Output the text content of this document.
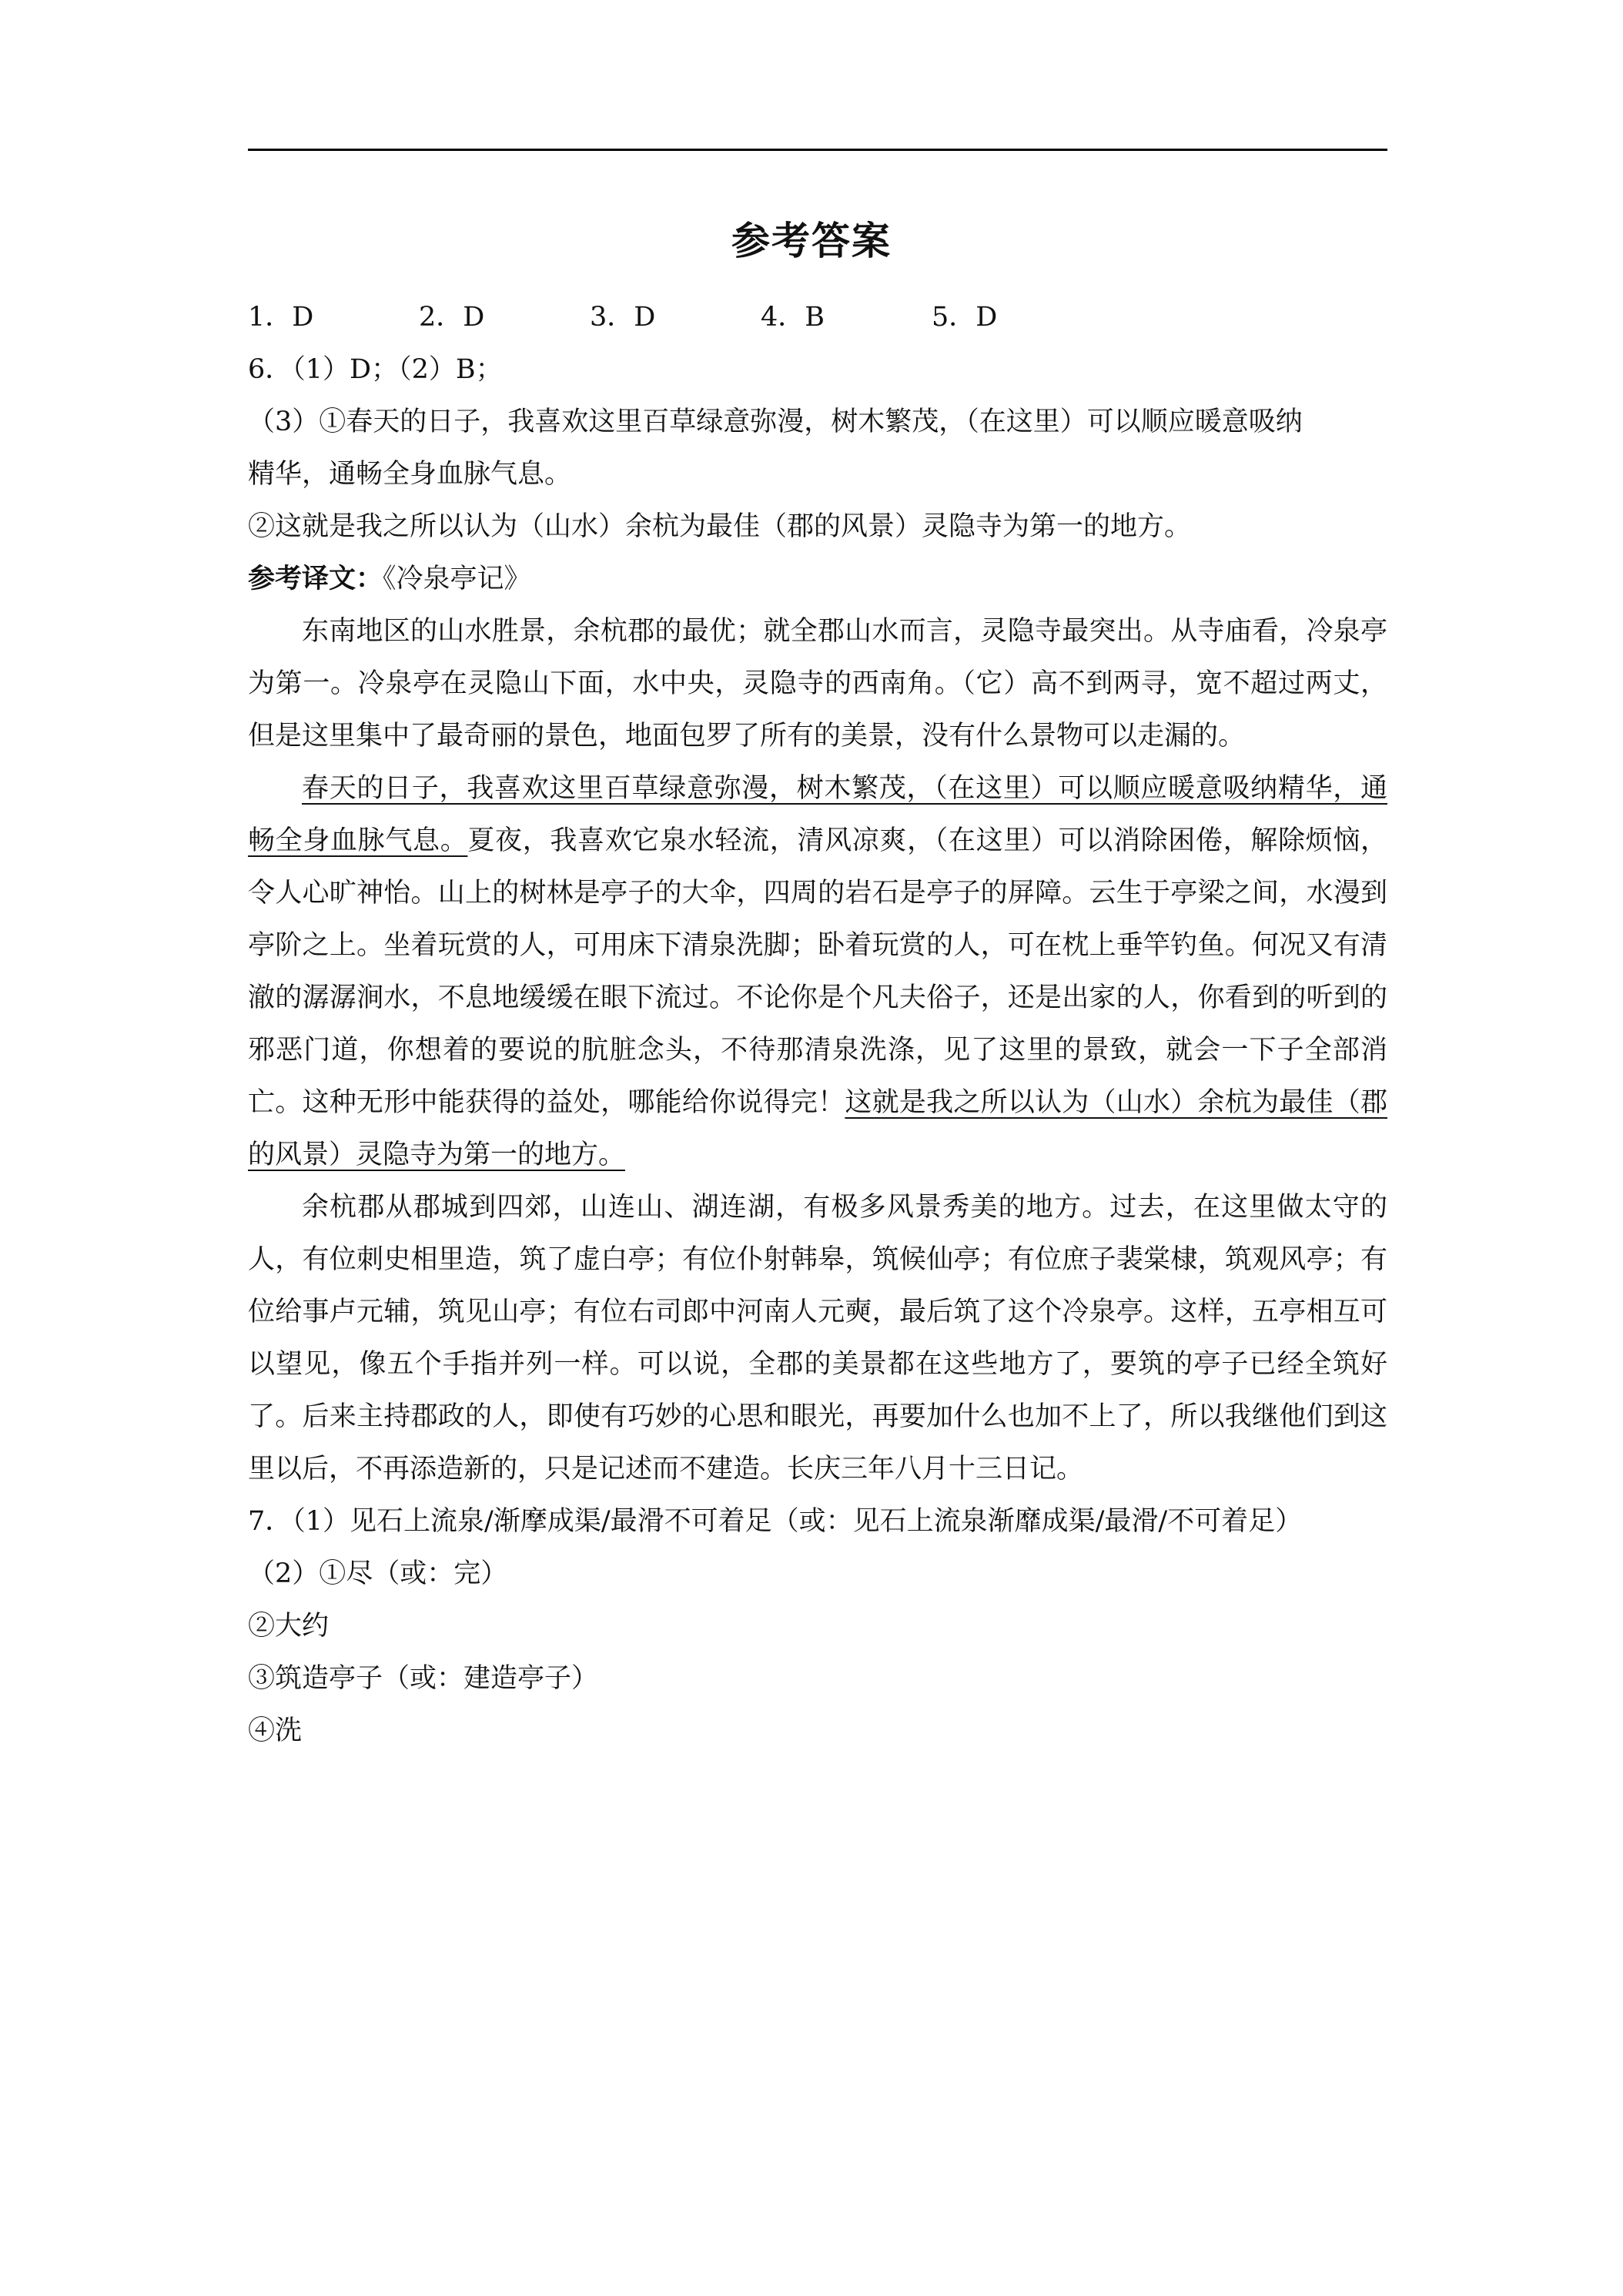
参考答案
1．D	2．D	3．D	4．B	5．D
6．（1）D；（2）B；
（3）①春天的日子，我喜欢这里百草绿意弥漫，树木繁茂，（在这里）可以顺应暖意吸纳
精华，通畅全身血脉气息。
②这就是我之所以认为（山水）余杭为最佳（郡的风景）灵隐寺为第一的地方。
参考译文：《冷泉亭记》

东南地区的山水胜景，余杭郡的最优；就全郡山水而言，灵隐寺最突出。从寺庙看，冷泉亭为第一。冷泉亭在灵隐山下面，水中央，灵隐寺的西南角。（它）高不到两寻，宽不超过两丈，但是这里集中了最奇丽的景色，地面包罗了所有的美景，没有什么景物可以走漏的。

春天的日子，我喜欢这里百草绿意弥漫，树木繁茂，（在这里）可以顺应暖意吸纳精华，通畅全身血脉气息。夏夜，我喜欢它泉水轻流，清风凉爽，（在这里）可以消除困倦，解除烦恼，令人心旷神怡。山上的树林是亭子的大伞，四周的岩石是亭子的屏障。云生于亭梁之间，水漫到亭阶之上。坐着玩赏的人，可用床下清泉洗脚；卧着玩赏的人，可在枕上垂竿钓鱼。何况又有清澈的潺潺涧水，不息地缓缓在眼下流过。不论你是个凡夫俗子，还是出家的人，你看到的听到的邪恶门道，你想着的要说的肮脏念头，不待那清泉洗涤，见了这里的景致，就会一下子全部消亡。这种无形中能获得的益处，哪能给你说得完！这就是我之所以认为（山水）余杭为最佳（郡的风景）灵隐寺为第一的地方。

余杭郡从郡城到四郊，山连山、湖连湖，有极多风景秀美的地方。过去，在这里做太守的人，有位刺史相里造，筑了虚白亭；有位仆射韩皋，筑候仙亭；有位庶子裴棠棣，筑观风亭；有位给事卢元辅，筑见山亭；有位右司郎中河南人元奭，最后筑了这个冷泉亭。这样，五亭相互可以望见，像五个手指并列一样。可以说，全郡的美景都在这些地方了，要筑的亭子已经全筑好了。后来主持郡政的人，即使有巧妙的心思和眼光，再要加什么也加不上了，所以我继他们到这里以后，不再添造新的，只是记述而不建造。长庆三年八月十三日记。

7．（1）见石上流泉/渐摩成渠/最滑不可着足（或：见石上流泉渐靡成渠/最滑/不可着足）
（2）①尽（或：完）
②大约
③筑造亭子（或：建造亭子）
④洗
